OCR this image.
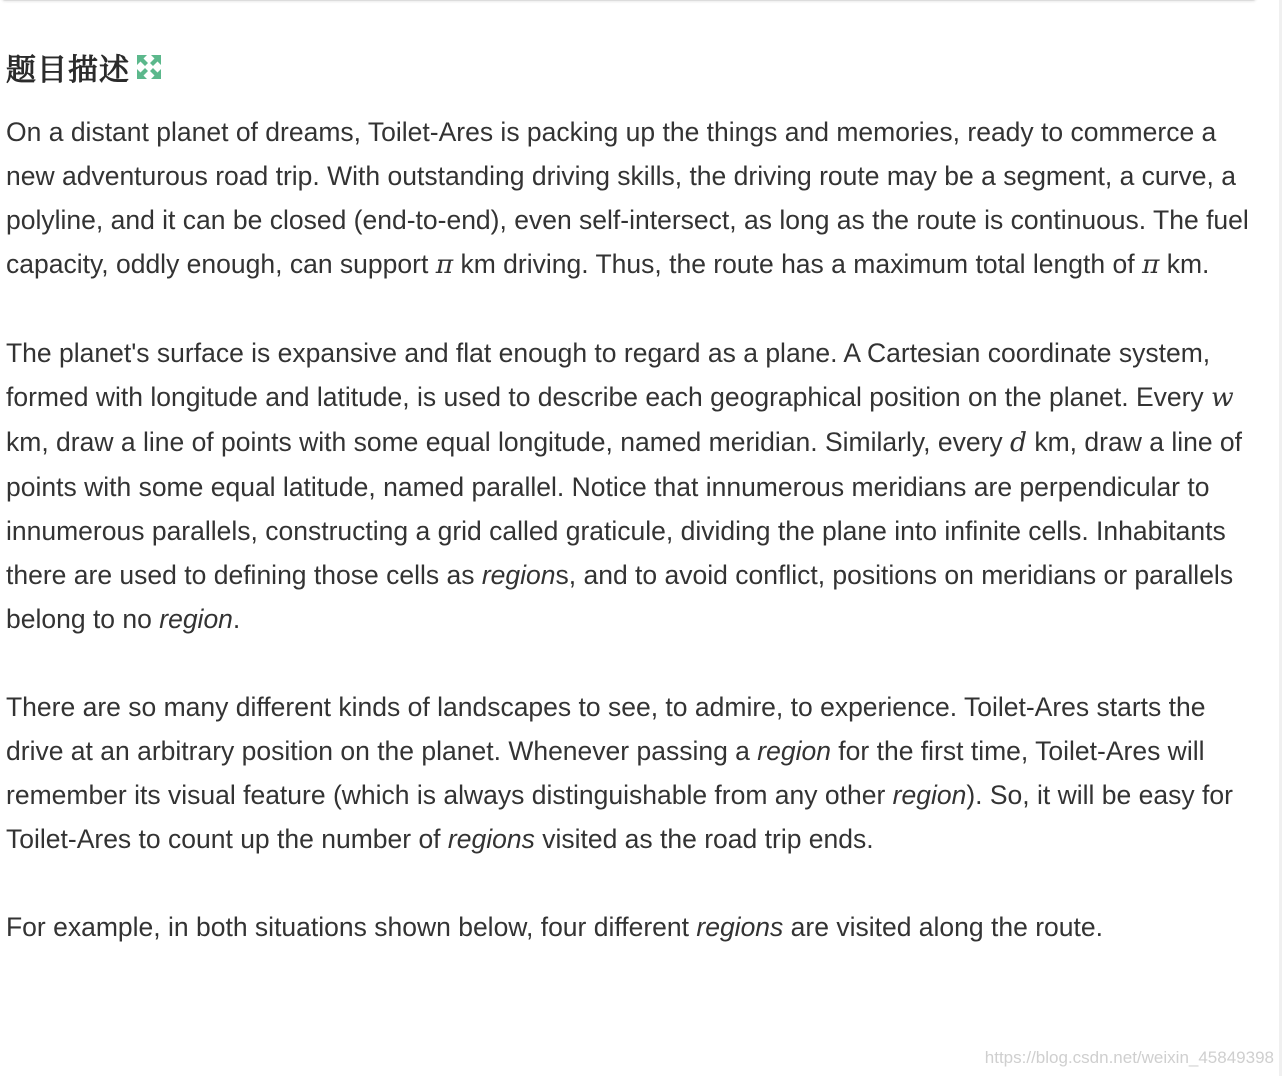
题目描述

On a distant planet of dreams, Toilet-Ares is packing up the things and memories, ready to commerce a new adventurous road trip. With outstanding driving skills, the driving route may be a segment, a curve, a polyline, and it can be closed (end-to-end), even self-intersect, as long as the route is continuous. The fuel capacity, oddly enough, can support π km driving. Thus, the route has a maximum total length of π km.

The planet's surface is expansive and flat enough to regard as a plane. A Cartesian coordinate system, formed with longitude and latitude, is used to describe each geographical position on the planet. Every w km, draw a line of points with some equal longitude, named meridian. Similarly, every d km, draw a line of points with some equal latitude, named parallel. Notice that innumerous meridians are perpendicular to innumerous parallels, constructing a grid called graticule, dividing the plane into infinite cells. Inhabitants there are used to defining those cells as regions, and to avoid conflict, positions on meridians or parallels belong to no region.

There are so many different kinds of landscapes to see, to admire, to experience. Toilet-Ares starts the drive at an arbitrary position on the planet. Whenever passing a region for the first time, Toilet-Ares will remember its visual feature (which is always distinguishable from any other region). So, it will be easy for Toilet-Ares to count up the number of regions visited as the road trip ends.

For example, in both situations shown below, four different regions are visited along the route.

https://blog.csdn.net/weixin_45849398
